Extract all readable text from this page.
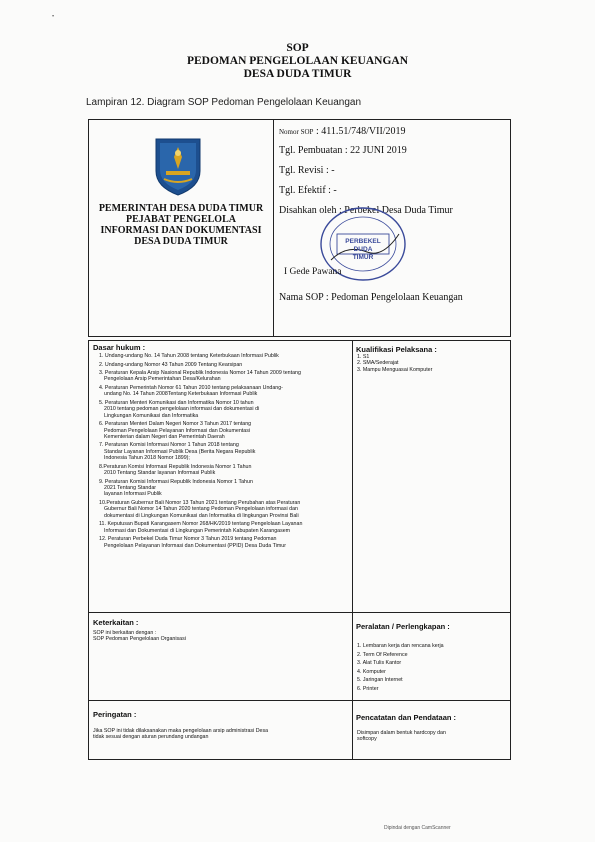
•
SOP
PEDOMAN PENGELOLAAN KEUANGAN
DESA DUDA TIMUR
Lampiran 12. Diagram SOP Pedoman Pengelolaan Keuangan
PEMERINTAH DESA DUDA TIMUR
PEJABAT PENGELOLA
INFORMASI DAN DOKUMENTASI
DESA DUDA TIMUR
Nomor SOP : 411.51/748/VII/2019
Tgl. Pembuatan : 22 JUNI 2019
Tgl. Revisi : -
Tgl. Efektif : -
Disahkan oleh : Perbekel Desa Duda Timur
PERBEKEL
DUDA TIMUR
I Gede Pawana
Nama SOP : Pedoman Pengelolaan Keuangan
Dasar hukum :
1. Undang-undang No. 14 Tahun 2008 tentang Keterbukaan Informasi Publik
2. Undang-undang Nomor 43 Tahun 2009 Tentang Kearsipan
3. Peraturan Kepala Arsip Nasional Republik Indonesia Nomor 14 Tahun 2009 tentang
Pengelolaan Arsip Pemerintahan Desa/Kelurahan
4. Peraturan Pemerintah Nomor 61 Tahun 2010 tentang pelaksanaan Undang-
undang No. 14 Tahun 2008Tentang Keterbukaan Informasi Publik
5. Peraturan Menteri Komunikasi dan Informatika Nomor 10 tahun
2010 tentang pedoman pengelolaan informasi dan dokumentasi di
Lingkungan Komunikasi dan Informatika
6. Peraturan Menteri Dalam Negeri Nomor 3 Tahun 2017 tentang
Pedoman Pengelolaan Pelayanan Informasi dan Dokumentasi
Kementerian dalam Negeri dan Pemerintah Daerah
7. Peraturan Komisi Informasi Nomor 1 Tahun 2018 tentang
Standar Layanan Informasi Publik Desa (Berita Negara Republik
Indonesia Tahun 2018 Nomor 1899);
8.Peraturan Komisi Informasi Republik Indonesia Nomor 1 Tahun
2010 Tentang Standar layanan Informasi Publik
9. Peraturan Komisi Informasi Republik Indonesia Nomor 1 Tahun
2021 Tentang Standar
layanan Informasi Publik
10.Peraturan Gubernur Bali Nomor 13 Tahun 2021 tentang Perubahan atas Peraturan
Gubernur Bali Nomor 14 Tahun 2020 tentang Pedoman Pengelolaan informasi dan
dokumentasi di Lingkungan Komunikasi dan Informatika di lingkungan Provinsi Bali
11. Keputusan Bupati Karangasem Nomor 268/HK/2019 tentang Pengelolaan Layanan
Informasi dan Dokumentasi di Lingkungan Pemerintah Kabupaten Karangasem
12. Peraturan Perbekel Duda Timur Nomor 3 Tahun 2019 tentang Pedoman
Pengelolaan Pelayanan Informasi dan Dokumentasi (PPID) Desa Duda Timur
Kualifikasi Pelaksana :
1. S1
2. SMA/Sederajat
3. Mampu Menguasai Komputer
Keterkaitan :
SOP ini berkaitan dengan :
SOP Pedoman Pengelolaan Organisasi
Peralatan / Perlengkapan :
1. Lembaran kerja dan rencana kerja
2. Term Of Reference
3. Alat Tulis Kantor
4. Komputer
5. Jaringan Internet
6. Printer
Peringatan :
Jika SOP ini tidak dilaksanakan maka pengelolaan arsip administrasi Desa
tidak sesuai dengan aturan perundang undangan
Pencatatan dan Pendataan :
Disimpan dalam bentuk hardcopy dan
softcopy
Dipindai dengan CamScanner
